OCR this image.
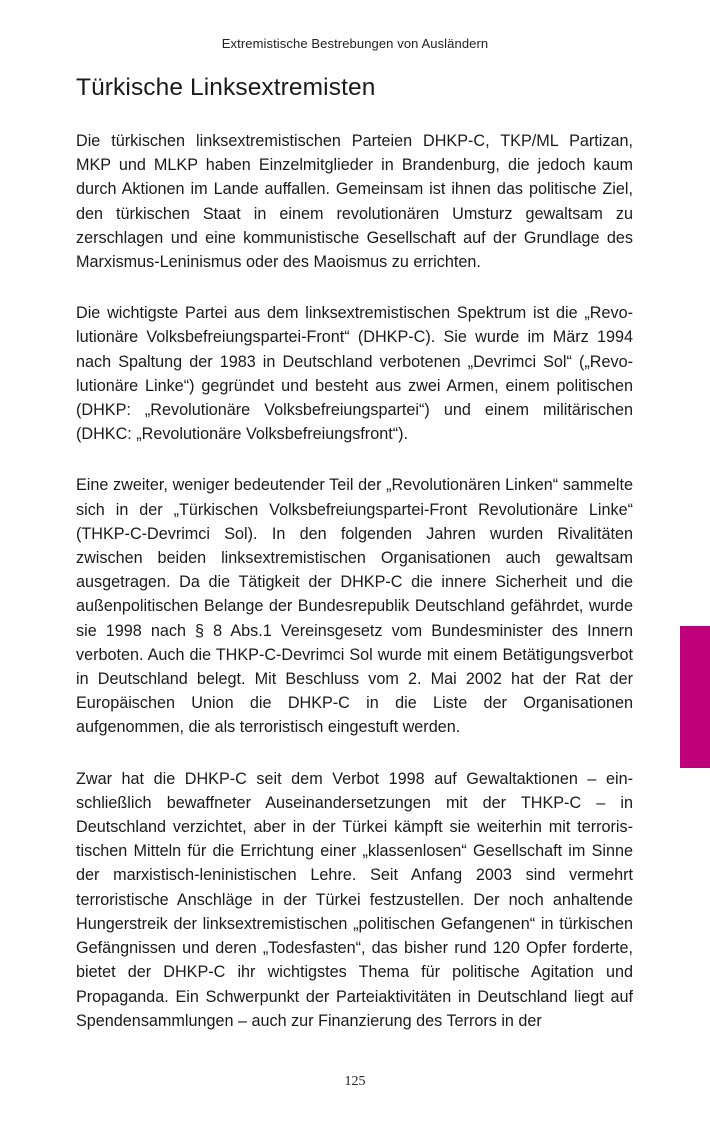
Extremistische Bestrebungen von Ausländern
Türkische Linksextremisten

Die türkischen linksextremistischen Parteien DHKP-C, TKP/ML Partizan, MKP und MLKP haben Einzelmitglieder in Brandenburg, die jedoch kaum durch Aktionen im Lande auffallen. Gemeinsam ist ihnen das politische Ziel, den türkischen Staat in einem revolutionären Umsturz gewaltsam zu zerschlagen und eine kommunistische Gesellschaft auf der Grundlage des Marxismus-Leninismus oder des Maoismus zu errichten.

Die wichtigste Partei aus dem linksextremistischen Spektrum ist die „Revolutionäre Volksbefreiungspartei-Front“ (DHKP-C). Sie wurde im März 1994 nach Spaltung der 1983 in Deutschland verbotenen „Devrimci Sol“ („Revolutionäre Linke“) gegründet und besteht aus zwei Armen, einem politischen (DHKP: „Revolutionäre Volksbefreiungspartei“) und einem militärischen (DHKC: „Revolutionäre Volksbefreiungsfront“).

Eine zweiter, weniger bedeutender Teil der „Revolutionären Linken“ sammelte sich in der „Türkischen Volksbefreiungspartei-Front Revolutionäre Linke“ (THKP-C-Devrimci Sol). In den folgenden Jahren wurden Rivalitäten zwischen beiden linksextremistischen Organisationen auch gewaltsam ausgetragen. Da die Tätigkeit der DHKP-C die innere Sicherheit und die außenpolitischen Belange der Bundesrepublik Deutschland gefährdet, wurde sie 1998 nach § 8 Abs.1 Vereinsgesetz vom Bundesminister des Innern verboten. Auch die THKP-C-Devrimci Sol wurde mit einem Betätigungsverbot in Deutschland belegt. Mit Beschluss vom 2. Mai 2002 hat der Rat der Europäischen Union die DHKP-C in die Liste der Organisationen aufgenommen, die als terroristisch eingestuft werden.

Zwar hat die DHKP-C seit dem Verbot 1998 auf Gewaltaktionen – einschließlich bewaffneter Auseinandersetzungen mit der THKP-C – in Deutschland verzichtet, aber in der Türkei kämpft sie weiterhin mit terroristischen Mitteln für die Errichtung einer „klassenlosen“ Gesellschaft im Sinne der marxistisch-leninistischen Lehre. Seit Anfang 2003 sind vermehrt terroristische Anschläge in der Türkei festzustellen. Der noch anhaltende Hungerstreik der linksextremistischen „politischen Gefangenen“ in türkischen Gefängnissen und deren „Todesfasten“, das bisher rund 120 Opfer forderte, bietet der DHKP-C ihr wichtigstes Thema für politische Agitation und Propaganda. Ein Schwerpunkt der Parteiaktivitäten in Deutschland liegt auf Spendensammlungen – auch zur Finanzierung des Terrors in der

125
